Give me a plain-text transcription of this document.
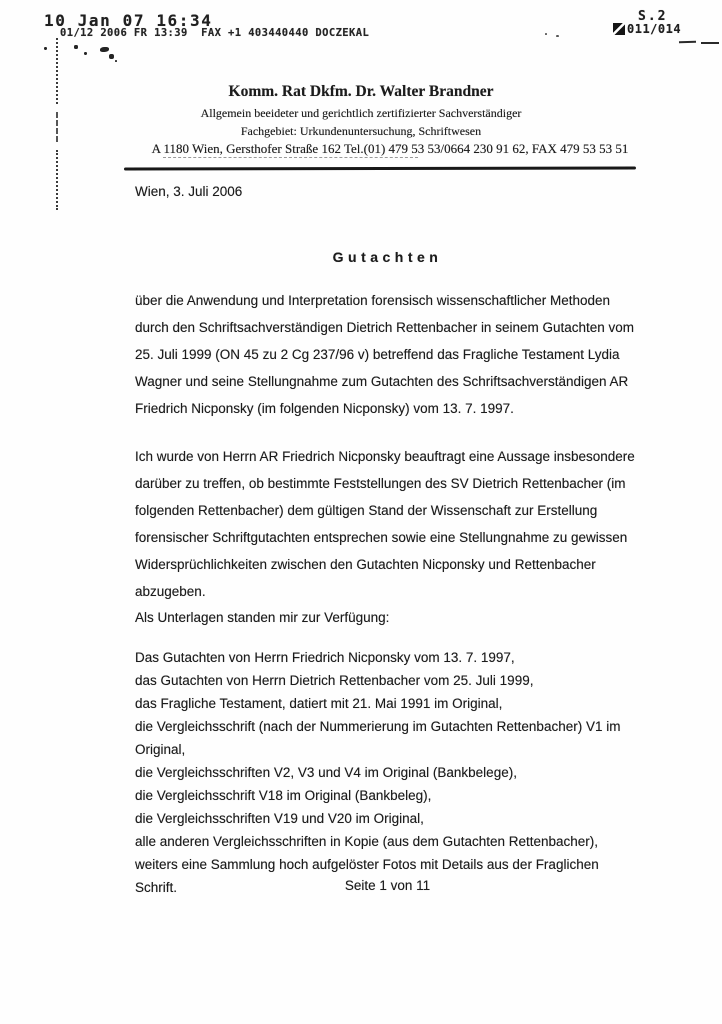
10 Jan 07 16:34
01/12 2006 FR 13:39  FAX +1 403440440 DOCZEKAL
S.2
011/014
Komm. Rat Dkfm. Dr. Walter Brandner
Allgemein beeideter und gerichtlich zertifizierter Sachverständiger
Fachgebiet: Urkundenuntersuchung, Schriftwesen
A 1180 Wien, Gersthofer Straße 162 Tel.(01) 479 53 53/0664 230 91 62, FAX 479 53 53 51
Wien, 3. Juli 2006
Gutachten
über die Anwendung und Interpretation forensisch wissenschaftlicher Methoden durch den Schriftsachverständigen Dietrich Rettenbacher in seinem Gutachten vom 25. Juli 1999 (ON 45 zu 2 Cg 237/96 v) betreffend das Fragliche Testament Lydia Wagner und seine Stellungnahme zum Gutachten des Schriftsachverständigen AR Friedrich Nicponsky (im folgenden Nicponsky) vom 13. 7. 1997.
Ich wurde von Herrn AR Friedrich Nicponsky beauftragt eine Aussage insbesondere darüber zu treffen, ob bestimmte Feststellungen des SV Dietrich Rettenbacher (im folgenden Rettenbacher) dem gültigen Stand der Wissenschaft zur Erstellung forensischer Schriftgutachten entsprechen sowie eine Stellungnahme zu gewissen Widersprüchlichkeiten zwischen den Gutachten Nicponsky und Rettenbacher abzugeben.
Als Unterlagen standen mir zur Verfügung:
Das Gutachten von Herrn Friedrich Nicponsky vom 13. 7. 1997,
das Gutachten von Herrn Dietrich Rettenbacher vom 25. Juli 1999,
das Fragliche Testament, datiert mit 21. Mai 1991 im Original,
die Vergleichsschrift (nach der Nummerierung im Gutachten Rettenbacher) V1 im Original,
die Vergleichsschriften V2, V3 und V4 im Original (Bankbelege),
die Vergleichsschrift V18 im Original (Bankbeleg),
die Vergleichsschriften V19 und V20 im Original,
alle anderen Vergleichsschriften in Kopie (aus dem Gutachten Rettenbacher),
weiters eine Sammlung hoch aufgelöster Fotos mit Details aus der Fraglichen Schrift.	Seite 1 von 11
